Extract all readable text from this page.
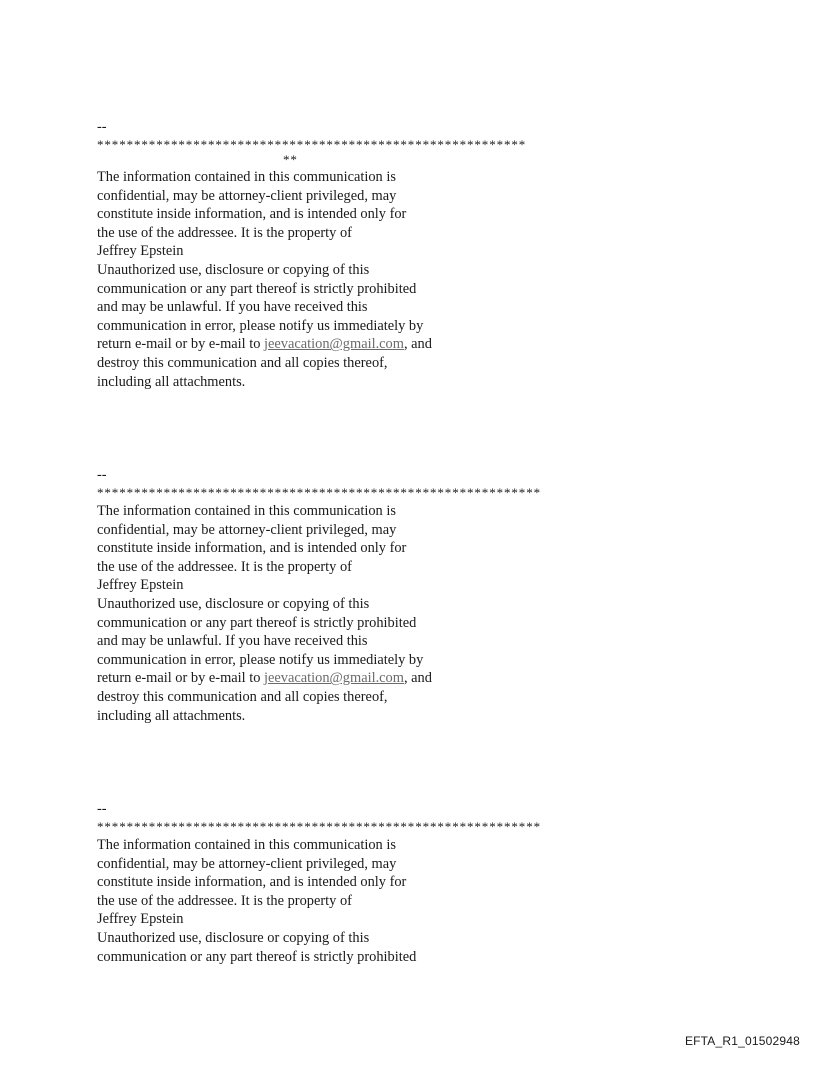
--
**********************************************************
**
The information contained in this communication is
confidential, may be attorney-client privileged, may
constitute inside information, and is intended only for
the use of the addressee. It is the property of
Jeffrey Epstein
Unauthorized use, disclosure or copying of this
communication or any part thereof is strictly prohibited
and may be unlawful. If you have received this
communication in error, please notify us immediately by
return e-mail or by e-mail to jeevacation@gmail.com, and
destroy this communication and all copies thereof,
including all attachments.
--
************************************************************
The information contained in this communication is
confidential, may be attorney-client privileged, may
constitute inside information, and is intended only for
the use of the addressee. It is the property of
Jeffrey Epstein
Unauthorized use, disclosure or copying of this
communication or any part thereof is strictly prohibited
and may be unlawful. If you have received this
communication in error, please notify us immediately by
return e-mail or by e-mail to jeevacation@gmail.com, and
destroy this communication and all copies thereof,
including all attachments.
--
************************************************************
The information contained in this communication is
confidential, may be attorney-client privileged, may
constitute inside information, and is intended only for
the use of the addressee. It is the property of
Jeffrey Epstein
Unauthorized use, disclosure or copying of this
communication or any part thereof is strictly prohibited
EFTA_R1_01502948
